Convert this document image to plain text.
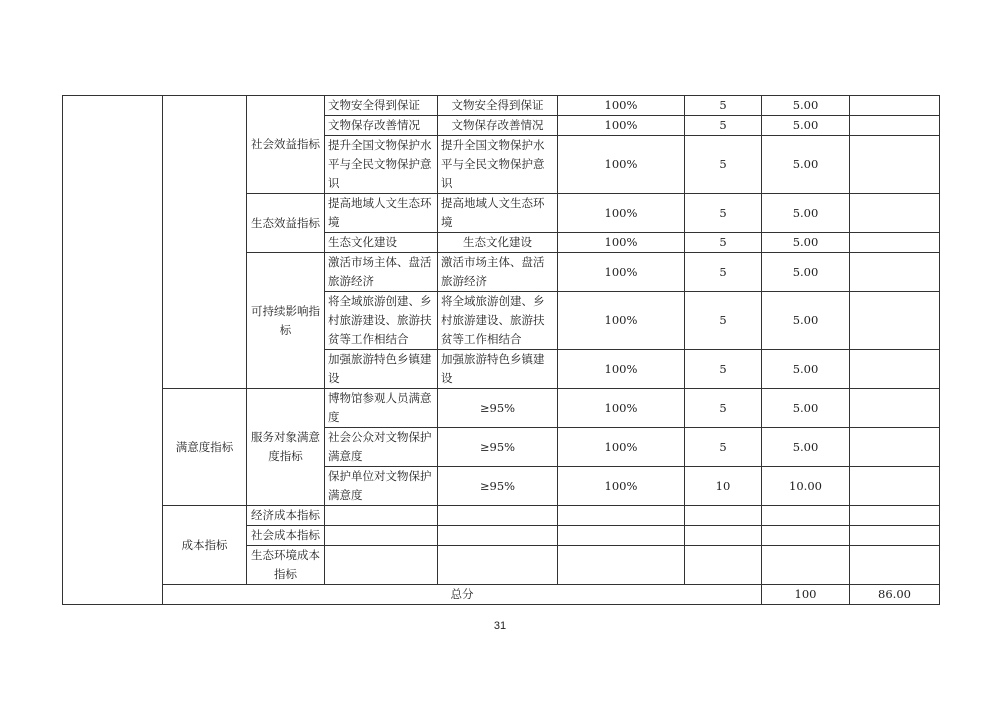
		社会效益指标	文物安全得到保证	文物安全得到保证	100%	5	5.00		
			文物保存改善情况	文物保存改善情况	100%	5	5.00		
			提升全国文物保护水平与全民文物保护意识	提升全国文物保护水平与全民文物保护意识	100%	5	5.00		
		生态效益指标	提高地域人文生态环境	提高地域人文生态环境	100%	5	5.00		
			生态文化建设	生态文化建设	100%	5	5.00		
		可持续影响指标	激活市场主体、盘活旅游经济	激活市场主体、盘活旅游经济	100%	5	5.00		
			将全域旅游创建、乡村旅游建设、旅游扶贫等工作相结合	将全域旅游创建、乡村旅游建设、旅游扶贫等工作相结合	100%	5	5.00		
			加强旅游特色乡镇建设	加强旅游特色乡镇建设	100%	5	5.00		
	满意度指标	服务对象满意度指标	博物馆参观人员满意度	≥95%	100%	5	5.00		
			社会公众对文物保护满意度	≥95%	100%	5	5.00		
			保护单位对文物保护满意度	≥95%	100%	10	10.00		
	成本指标	经济成本指标							
		社会成本指标							
		生态环境成本指标							
	总分						100	86.00	
31
